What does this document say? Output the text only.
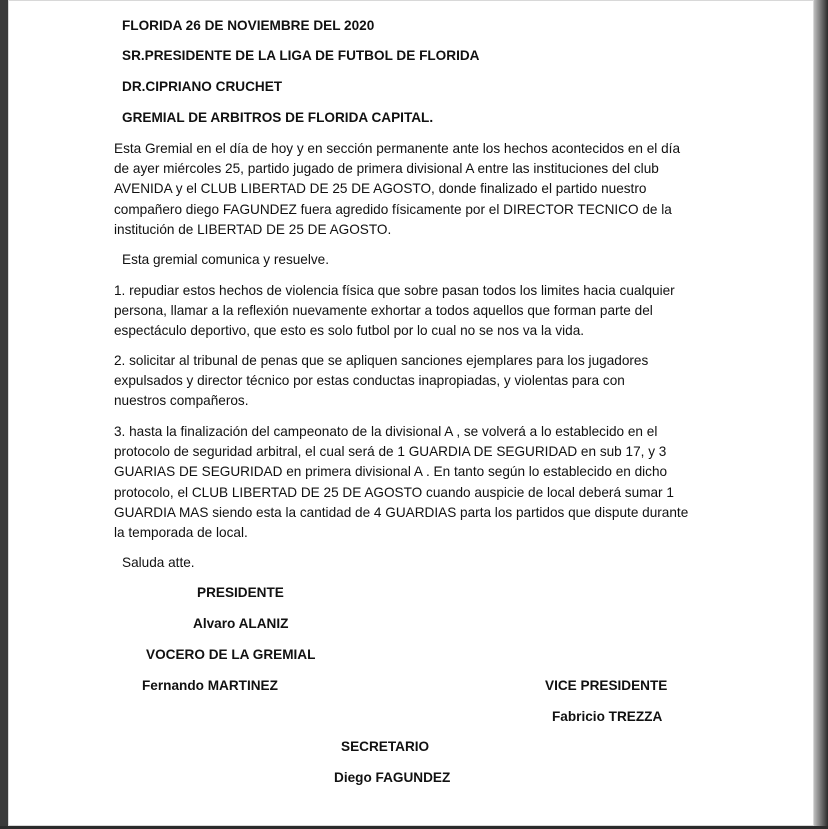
FLORIDA 26 DE NOVIEMBRE DEL 2020
SR.PRESIDENTE DE LA LIGA DE FUTBOL DE FLORIDA
DR.CIPRIANO CRUCHET
GREMIAL DE ARBITROS DE FLORIDA CAPITAL.
Esta Gremial en el día de hoy y en sección permanente ante los hechos acontecidos en el día
de ayer miércoles 25, partido jugado de primera divisional A entre las instituciones del club
AVENIDA y el CLUB LIBERTAD DE 25 DE AGOSTO, donde finalizado el partido nuestro
compañero diego FAGUNDEZ fuera agredido físicamente por el DIRECTOR TECNICO de la
institución de LIBERTAD DE 25 DE AGOSTO.
Esta gremial comunica y resuelve.
1. repudiar estos hechos de violencia física que sobre pasan todos los limites hacia cualquier
persona, llamar a la reflexión nuevamente exhortar a todos aquellos que forman parte del
espectáculo deportivo, que esto es solo futbol por lo cual no se nos va la vida.
2. solicitar al tribunal de penas que se apliquen sanciones ejemplares para los jugadores
expulsados y director técnico por estas conductas inapropiadas, y violentas para con
nuestros compañeros.
3. hasta la finalización del campeonato de la divisional A , se volverá a lo establecido en el
protocolo de seguridad arbitral, el cual será de 1 GUARDIA DE SEGURIDAD en sub 17, y 3
GUARIAS DE SEGURIDAD en primera divisional A . En tanto según lo establecido en dicho
protocolo, el CLUB LIBERTAD DE 25 DE AGOSTO cuando auspicie de local deberá sumar 1
GUARDIA MAS siendo esta la cantidad de 4 GUARDIAS parta los partidos que dispute durante
la temporada de local.
Saluda atte.
PRESIDENTE
Alvaro ALANIZ
VOCERO DE LA GREMIAL
Fernando MARTINEZ	VICE PRESIDENTE
Fabricio TREZZA
SECRETARIO
Diego FAGUNDEZ
